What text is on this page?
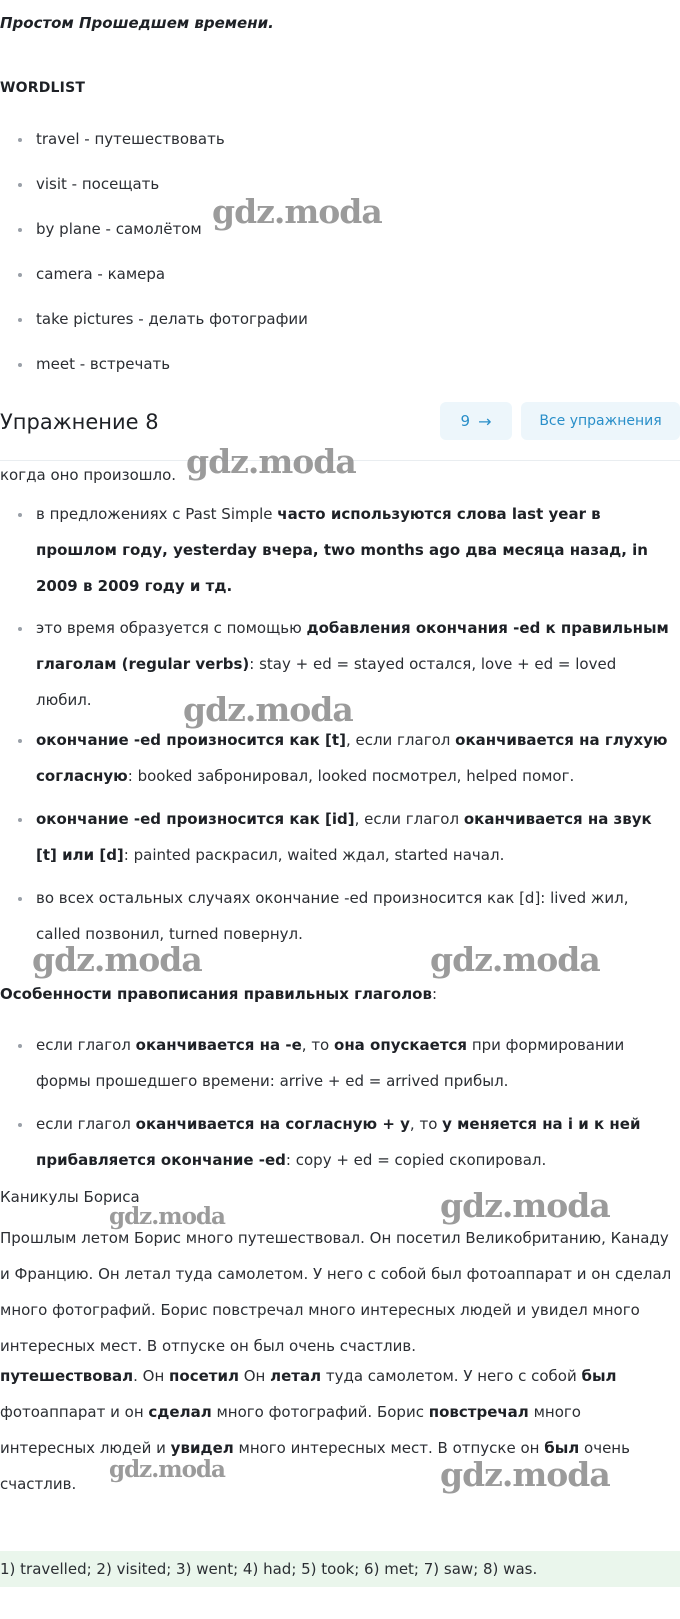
Простом Прошедшем времени.
WORDLIST
travel - путешествовать
visit - посещать
by plane - самолётом
camera - камера
take pictures - делать фотографии
meet - встречать
Упражнение 8	9 →	Все упражнения
когда оно произошло.
в предложениях с Past Simple часто используются слова last year в прошлом году, yesterday вчера, two months ago два месяца назад, in 2009 в 2009 году и тд.
это время образуется с помощью добавления окончания -ed к правильным глаголам (regular verbs): stay + ed = stayed остался, love + ed = loved любил.
окончание -ed произносится как [t], если глагол оканчивается на глухую согласную: booked забронировал, looked посмотрел, helped помог.
окончание -ed произносится как [id], если глагол оканчивается на звук [t] или [d]: painted раскрасил, waited ждал, started начал.
во всех остальных случаях окончание -ed произносится как [d]: lived жил, called позвонил, turned повернул.
Особенности правописания правильных глаголов:
если глагол оканчивается на -е, то она опускается при формировании формы прошедшего времени: arrive + ed = arrived прибыл.
если глагол оканчивается на согласную + у, то у меняется на i и к ней прибавляется окончание -ed: copy + ed = copied скопировал.
Каникулы Бориса
Прошлым летом Борис много путешествовал. Он посетил Великобританию, Канаду и Францию. Он летал туда самолетом. У него с собой был фотоаппарат и он сделал много фотографий. Борис повстречал много интересных людей и увидел много интересных мест. В отпуске он был очень счастлив.
путешествовал. Он посетил Он летал туда самолетом. У него с собой был фотоаппарат и он сделал много фотографий. Борис повстречал много интересных людей и увидел много интересных мест. В отпуске он был очень счастлив.
1) travelled; 2) visited; 3) went; 4) had; 5) took; 6) met; 7) saw; 8) was.
gdz.moda
gdz.moda
gdz.moda
gdz.moda	gdz.moda
gdz.moda	gdz.moda
gdz.moda	gdz.moda
